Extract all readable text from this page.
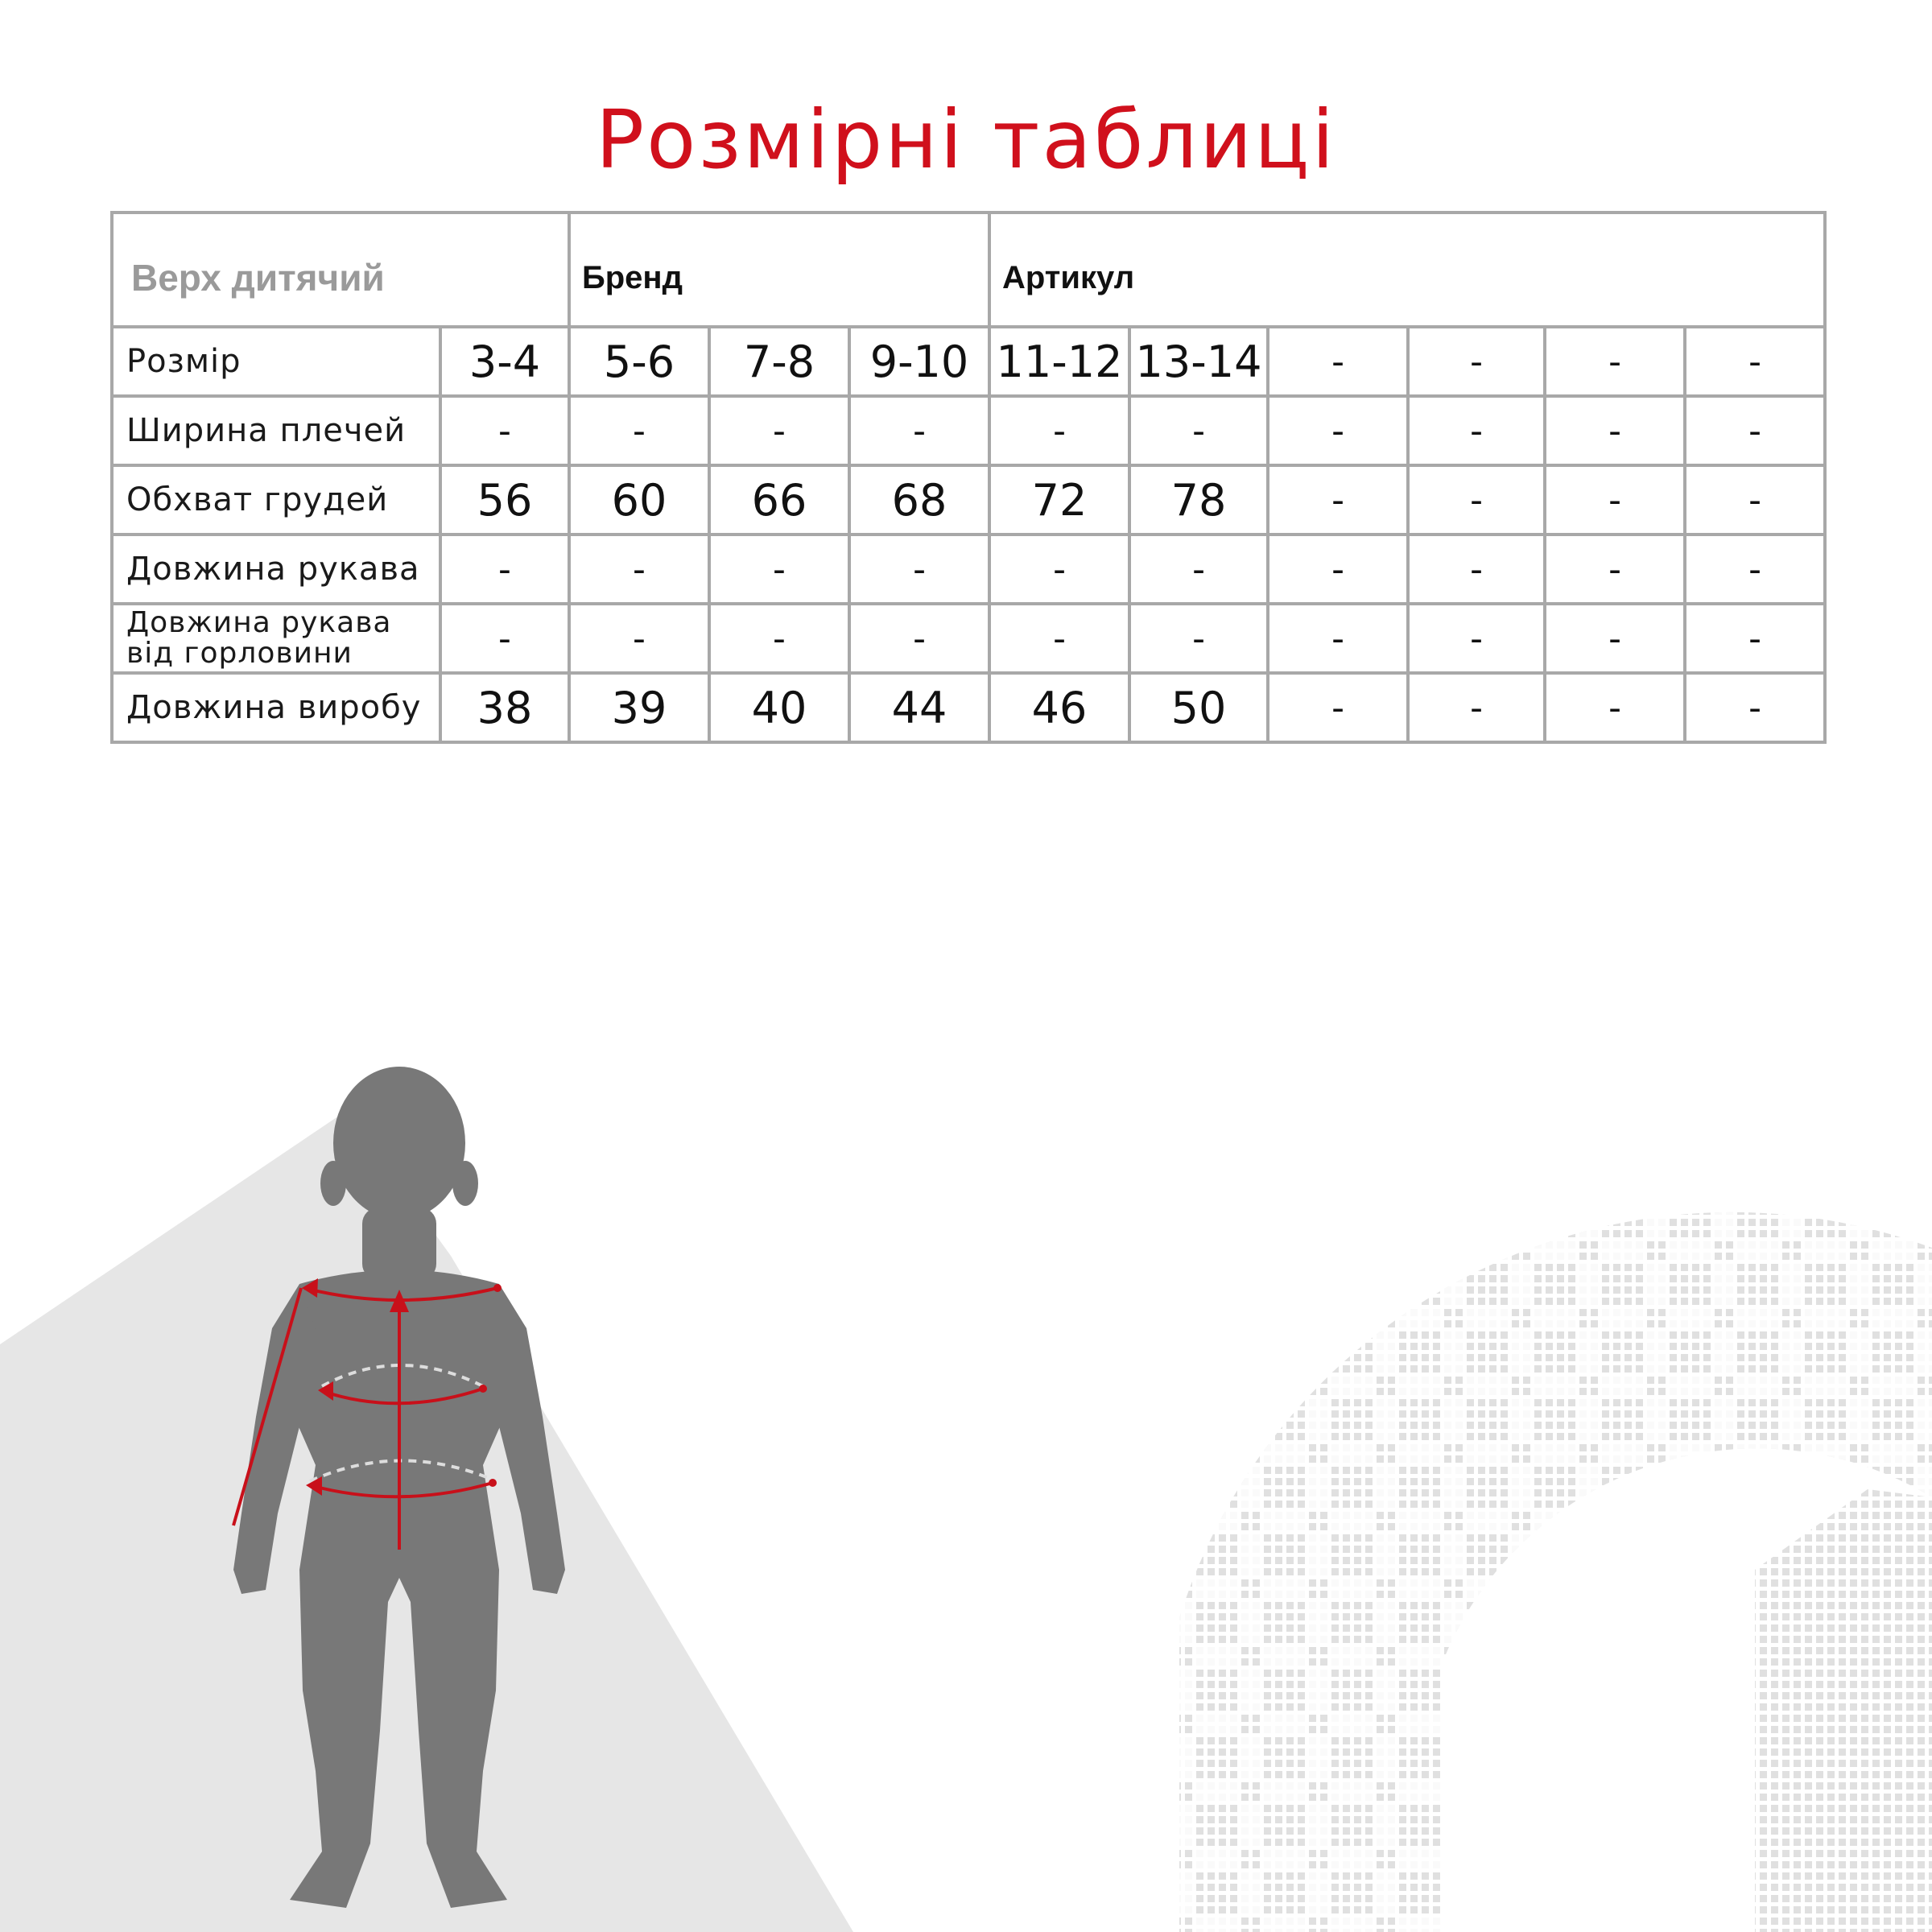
Розмірні таблиці
Верх дитячий		Бренд			Артикул					
Розмір	3-4	5-6	7-8	9-10	11-12	13-14	-	-	-	-
Ширина плечей	-	-	-	-	-	-	-	-	-	-
Обхват грудей	56	60	66	68	72	78	-	-	-	-
Довжина рукава	-	-	-	-	-	-	-	-	-	-
Довжина рукава від горловини	-	-	-	-	-	-	-	-	-	-
Довжина виробу	38	39	40	44	46	50	-	-	-	-
